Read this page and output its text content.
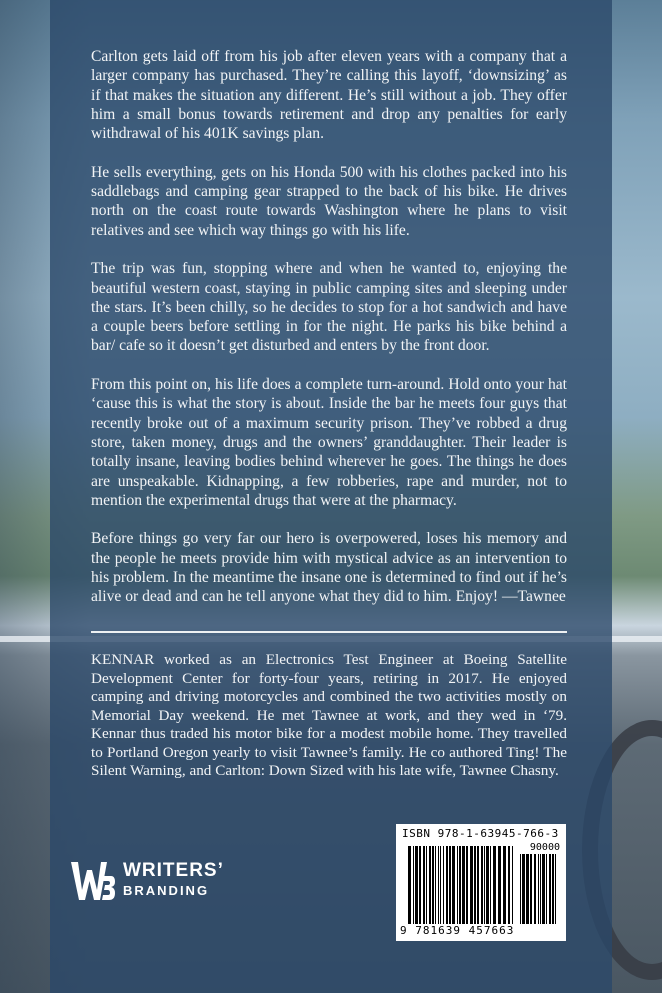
Carlton gets laid off from his job after eleven years with a company that a larger company has purchased. They’re calling this layoff, ‘downsizing’ as if that makes the situation any different. He’s still without a job. They offer him a small bonus towards retirement and drop any penalties for early withdrawal of his 401K savings plan.

He sells everything, gets on his Honda 500 with his clothes packed into his saddlebags and camping gear strapped to the back of his bike. He drives north on the coast route towards Washington where he plans to visit relatives and see which way things go with his life.

The trip was fun, stopping where and when he wanted to, enjoying the beautiful western coast, staying in public camping sites and sleeping under the stars. It’s been chilly, so he decides to stop for a hot sandwich and have a couple beers before settling in for the night. He parks his bike behind a bar/ cafe so it doesn’t get disturbed and enters by the front door.

From this point on, his life does a complete turn-around. Hold onto your hat ‘cause this is what the story is about. Inside the bar he meets four guys that recently broke out of a maximum security prison. They’ve robbed a drug store, taken money, drugs and the owners’ granddaughter. Their leader is totally insane, leaving bodies behind wherever he goes. The things he does are unspeakable. Kidnapping, a few robberies, rape and murder, not to mention the experimental drugs that were at the pharmacy.

Before things go very far our hero is overpowered, loses his memory and the people he meets provide him with mystical advice as an intervention to his problem. In the meantime the insane one is determined to find out if he’s alive or dead and can he tell anyone what they did to him. Enjoy! —Tawnee

KENNAR worked as an Electronics Test Engineer at Boeing Satellite Development Center for forty-four years, retiring in 2017. He enjoyed camping and driving motorcycles and combined the two activities mostly on Memorial Day weekend. He met Tawnee at work, and they wed in ‘79. Kennar thus traded his motor bike for a modest mobile home. They travelled to Portland Oregon yearly to visit Tawnee’s family. He co authored Ting! The Silent Warning, and Carlton: Down Sized with his late wife, Tawnee Chasny.

WRITERS’
BRANDING
ISBN 978-1-63945-766-3
90000
9 781639 457663
